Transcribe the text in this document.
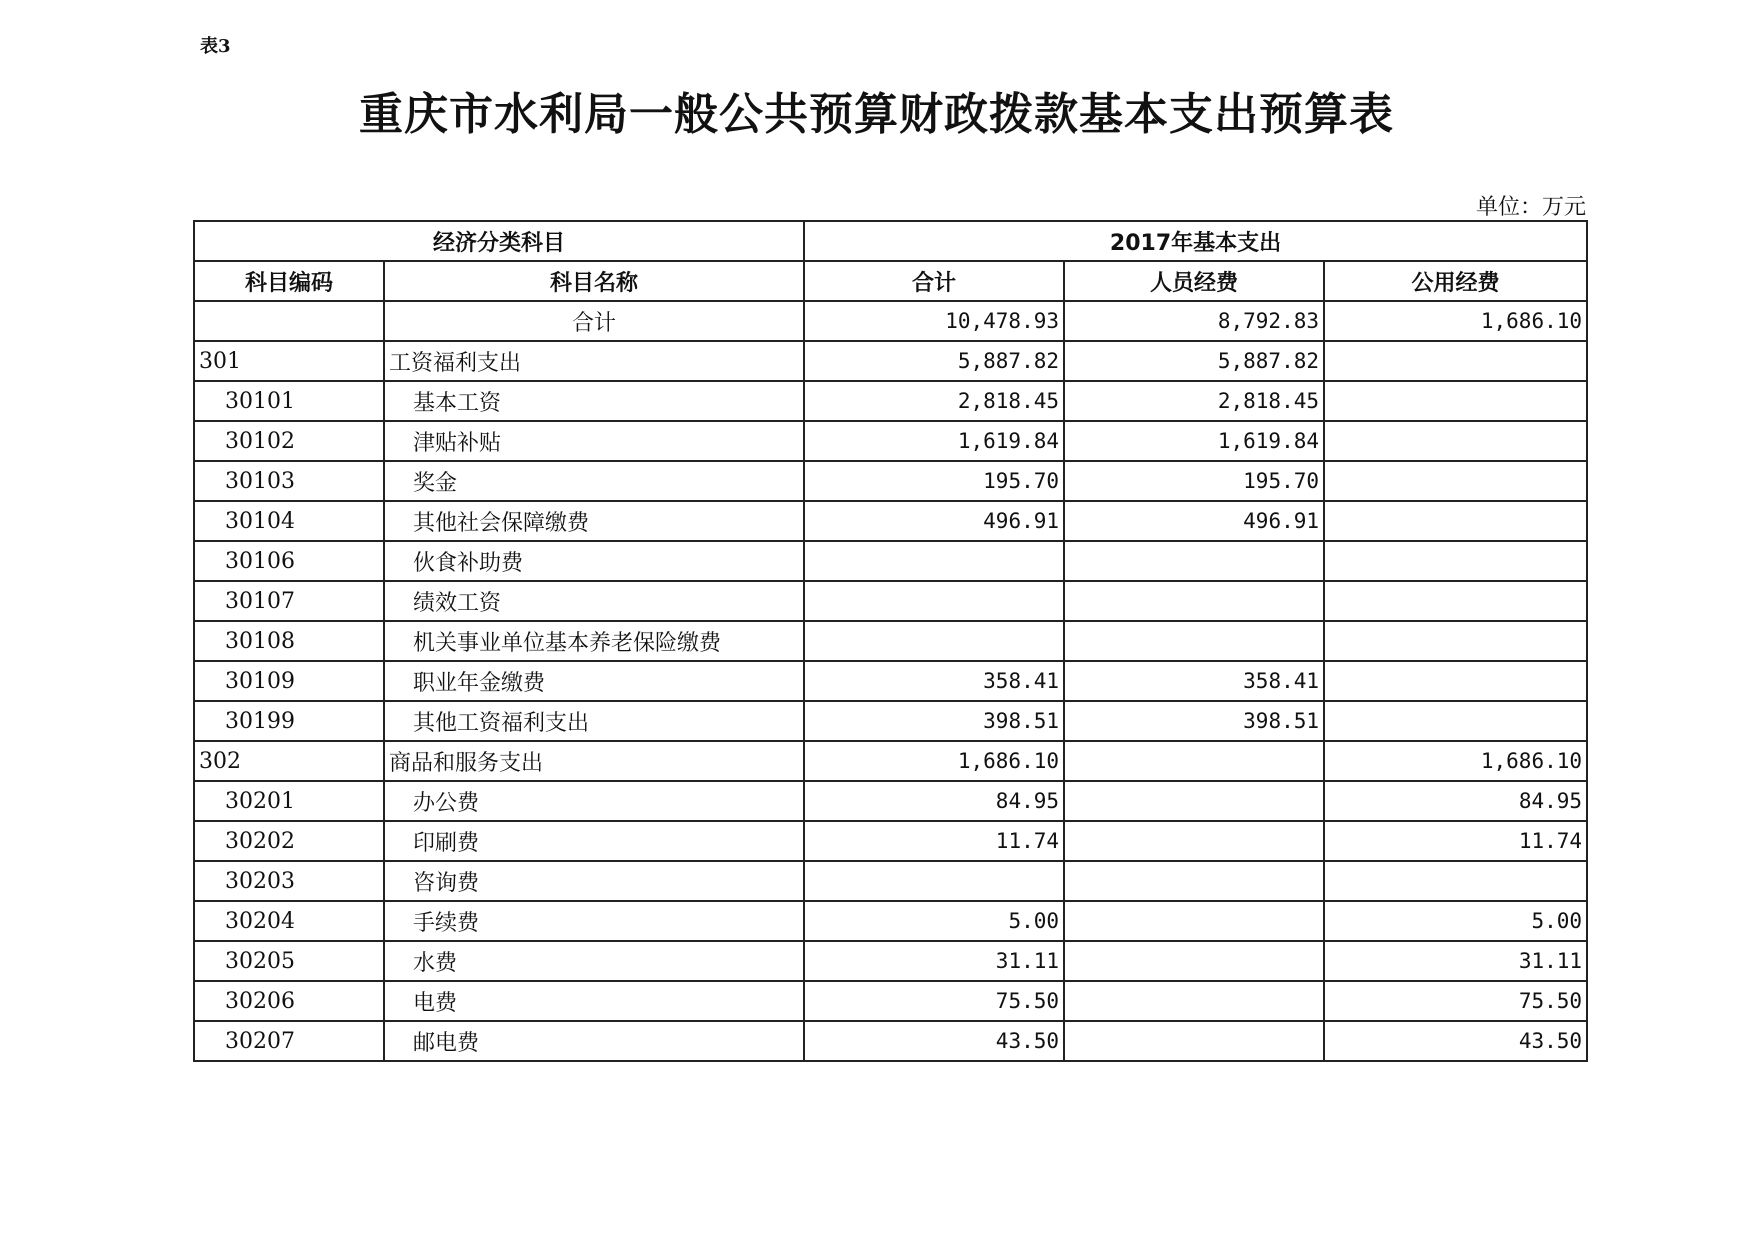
表3
重庆市水利局一般公共预算财政拨款基本支出预算表
单位：万元
经济分类科目		2017年基本支出		
科目编码	科目名称	合计	人员经费	公用经费
	合计	10,478.93	8,792.83	1,686.10
301	工资福利支出	5,887.82	5,887.82	
30101	基本工资	2,818.45	2,818.45	
30102	津贴补贴	1,619.84	1,619.84	
30103	奖金	195.70	195.70	
30104	其他社会保障缴费	496.91	496.91	
30106	伙食补助费			
30107	绩效工资			
30108	机关事业单位基本养老保险缴费			
30109	职业年金缴费	358.41	358.41	
30199	其他工资福利支出	398.51	398.51	
302	商品和服务支出	1,686.10		1,686.10
30201	办公费	84.95		84.95
30202	印刷费	11.74		11.74
30203	咨询费			
30204	手续费	5.00		5.00
30205	水费	31.11		31.11
30206	电费	75.50		75.50
30207	邮电费	43.50		43.50
